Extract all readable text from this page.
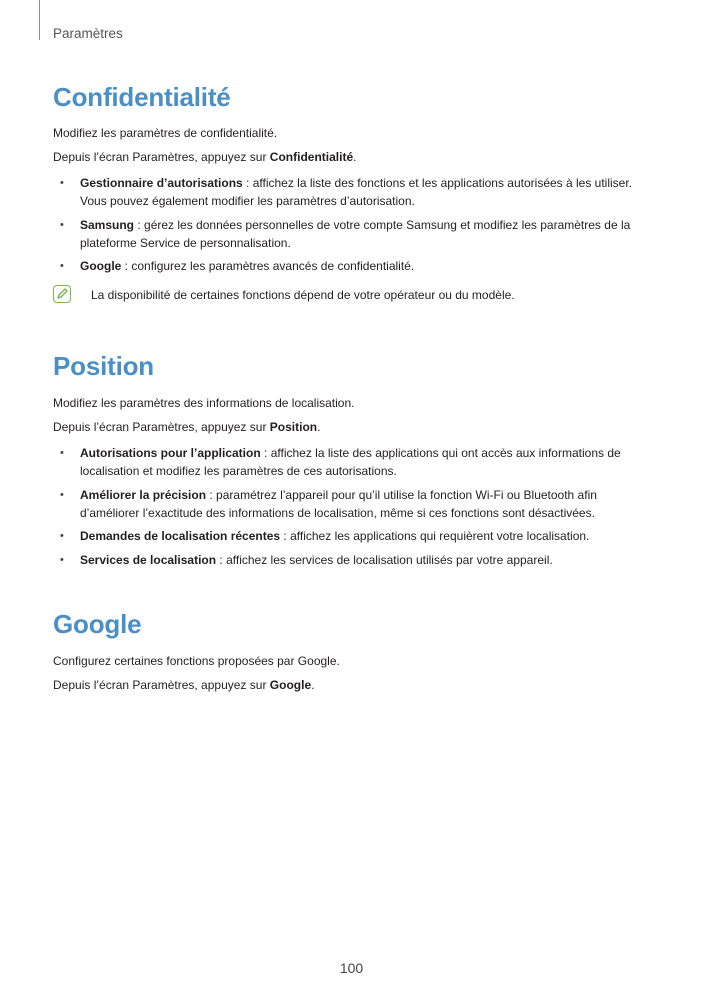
Paramètres
Confidentialité
Modifiez les paramètres de confidentialité.
Depuis l’écran Paramètres, appuyez sur Confidentialité.
• Gestionnaire d’autorisations : affichez la liste des fonctions et les applications autorisées à les utiliser. Vous pouvez également modifier les paramètres d’autorisation.
• Samsung : gérez les données personnelles de votre compte Samsung et modifiez les paramètres de la plateforme Service de personnalisation.
• Google : configurez les paramètres avancés de confidentialité.
La disponibilité de certaines fonctions dépend de votre opérateur ou du modèle.
Position
Modifiez les paramètres des informations de localisation.
Depuis l’écran Paramètres, appuyez sur Position.
• Autorisations pour l’application : affichez la liste des applications qui ont accès aux informations de localisation et modifiez les paramètres de ces autorisations.
• Améliorer la précision : paramétrez l’appareil pour qu’il utilise la fonction Wi-Fi ou Bluetooth afin d’améliorer l’exactitude des informations de localisation, même si ces fonctions sont désactivées.
• Demandes de localisation récentes : affichez les applications qui requièrent votre localisation.
• Services de localisation : affichez les services de localisation utilisés par votre appareil.
Google
Configurez certaines fonctions proposées par Google.
Depuis l’écran Paramètres, appuyez sur Google.
100
